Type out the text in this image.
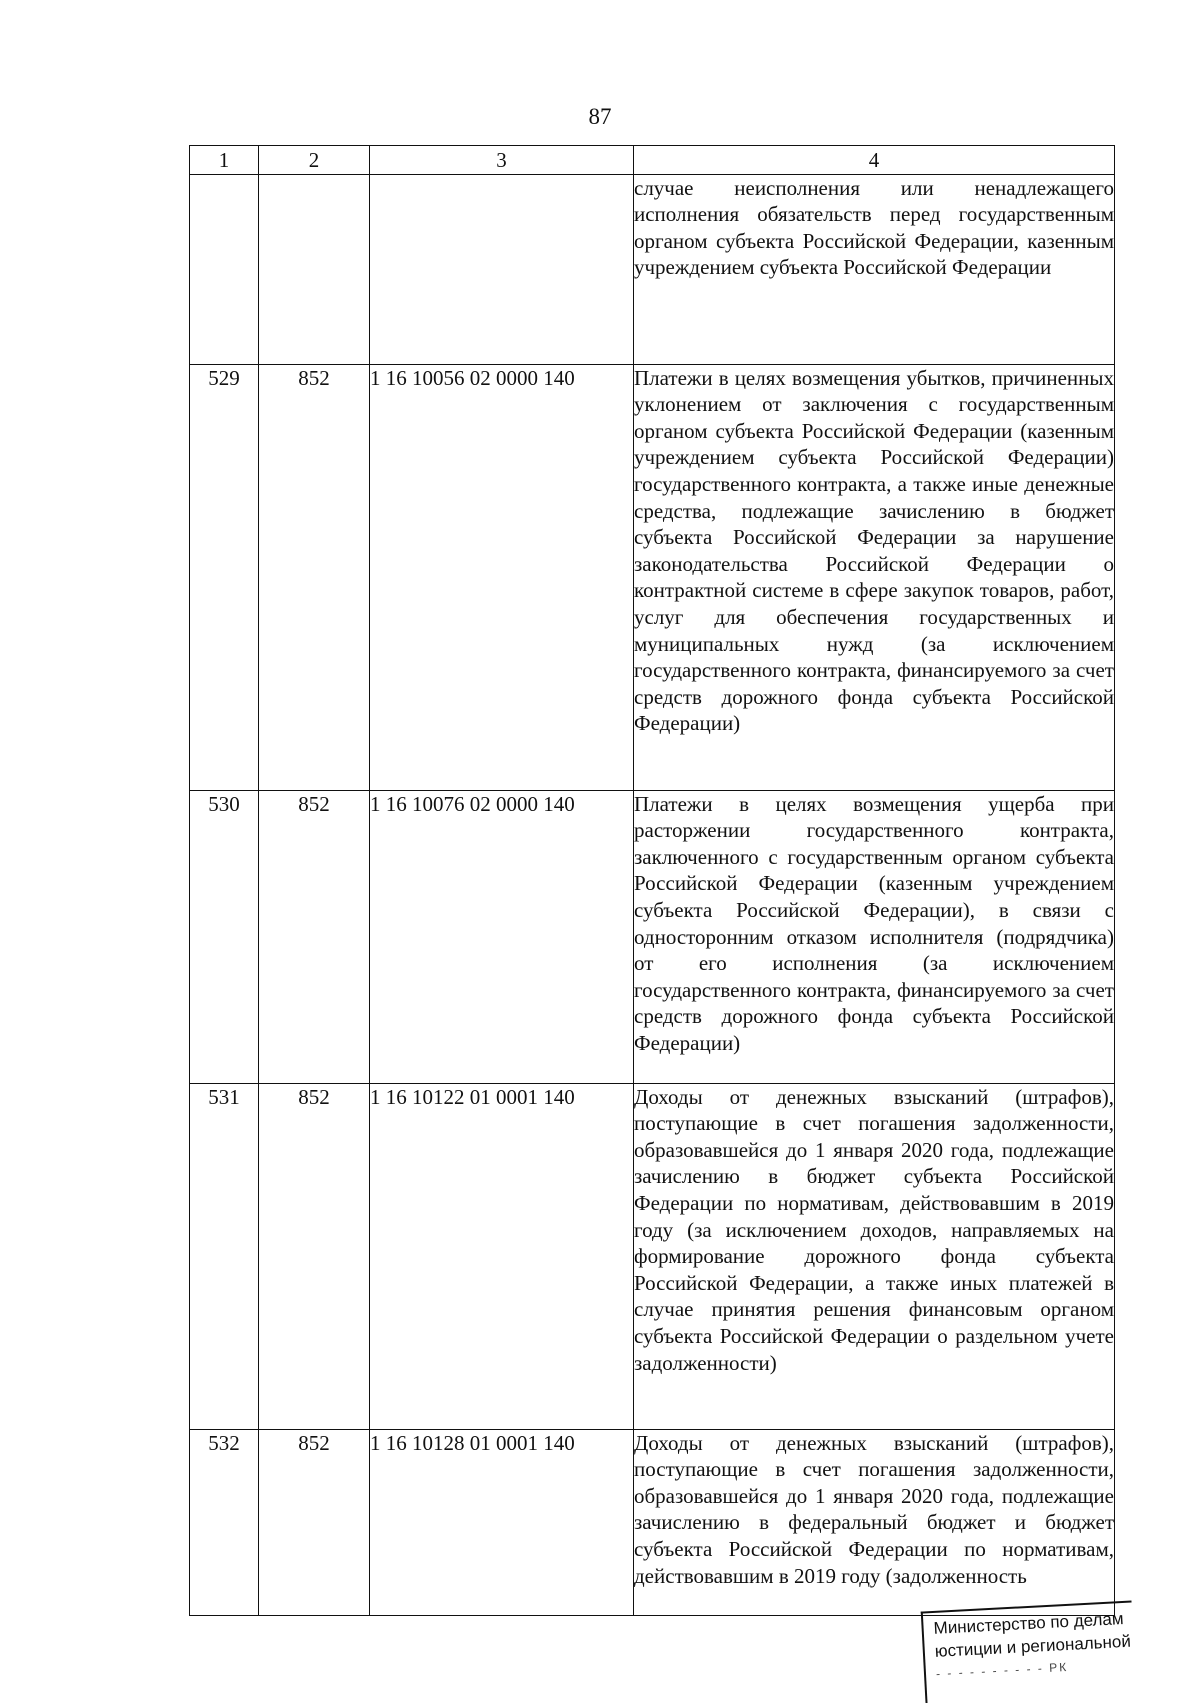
87
1	2	3	4
			случае неисполнения или ненадлежащего исполнения обязательств перед государственным органом субъекта Российской Федерации, казенным учреждением субъекта Российской Федерации
529	852	1 16 10056 02 0000 140	Платежи в целях возмещения убытков, причиненных уклонением от заключения с государственным органом субъекта Российской Федерации (казенным учреждением субъекта Российской Федерации) государственного контракта, а также иные денежные средства, подлежащие зачислению в бюджет субъекта Российской Федерации за нарушение законодательства Российской Федерации о контрактной системе в сфере закупок товаров, работ, услуг для обеспечения государственных и муниципальных нужд (за исключением государственного контракта, финансируемого за счет средств дорожного фонда субъекта Российской Федерации)
530	852	1 16 10076 02 0000 140	Платежи в целях возмещения ущерба при расторжении государственного контракта, заключенного с государственным органом субъекта Российской Федерации (казенным учреждением субъекта Российской Федерации), в связи с односторонним отказом исполнителя (подрядчика) от его исполнения (за исключением государственного контракта, финансируемого за счет средств дорожного фонда субъекта Российской Федерации)
531	852	1 16 10122 01 0001 140	Доходы от денежных взысканий (штрафов), поступающие в счет погашения задолженности, образовавшейся до 1 января 2020 года, подлежащие зачислению в бюджет субъекта Российской Федерации по нормативам, действовавшим в 2019 году (за исключением доходов, направляемых на формирование дорожного фонда субъекта Российской Федерации, а также иных платежей в случае принятия решения финансовым органом субъекта Российской Федерации о раздельном учете задолженности)
532	852	1 16 10128 01 0001 140	Доходы от денежных взысканий (штрафов), поступающие в счет погашения задолженности, образовавшейся до 1 января 2020 года, подлежащие зачислению в федеральный бюджет и бюджет субъекта Российской Федерации по нормативам, действовавшим в 2019 году (задолженность
Министерство по делам
юстиции и региональной
- - - - - - - - - - РК
